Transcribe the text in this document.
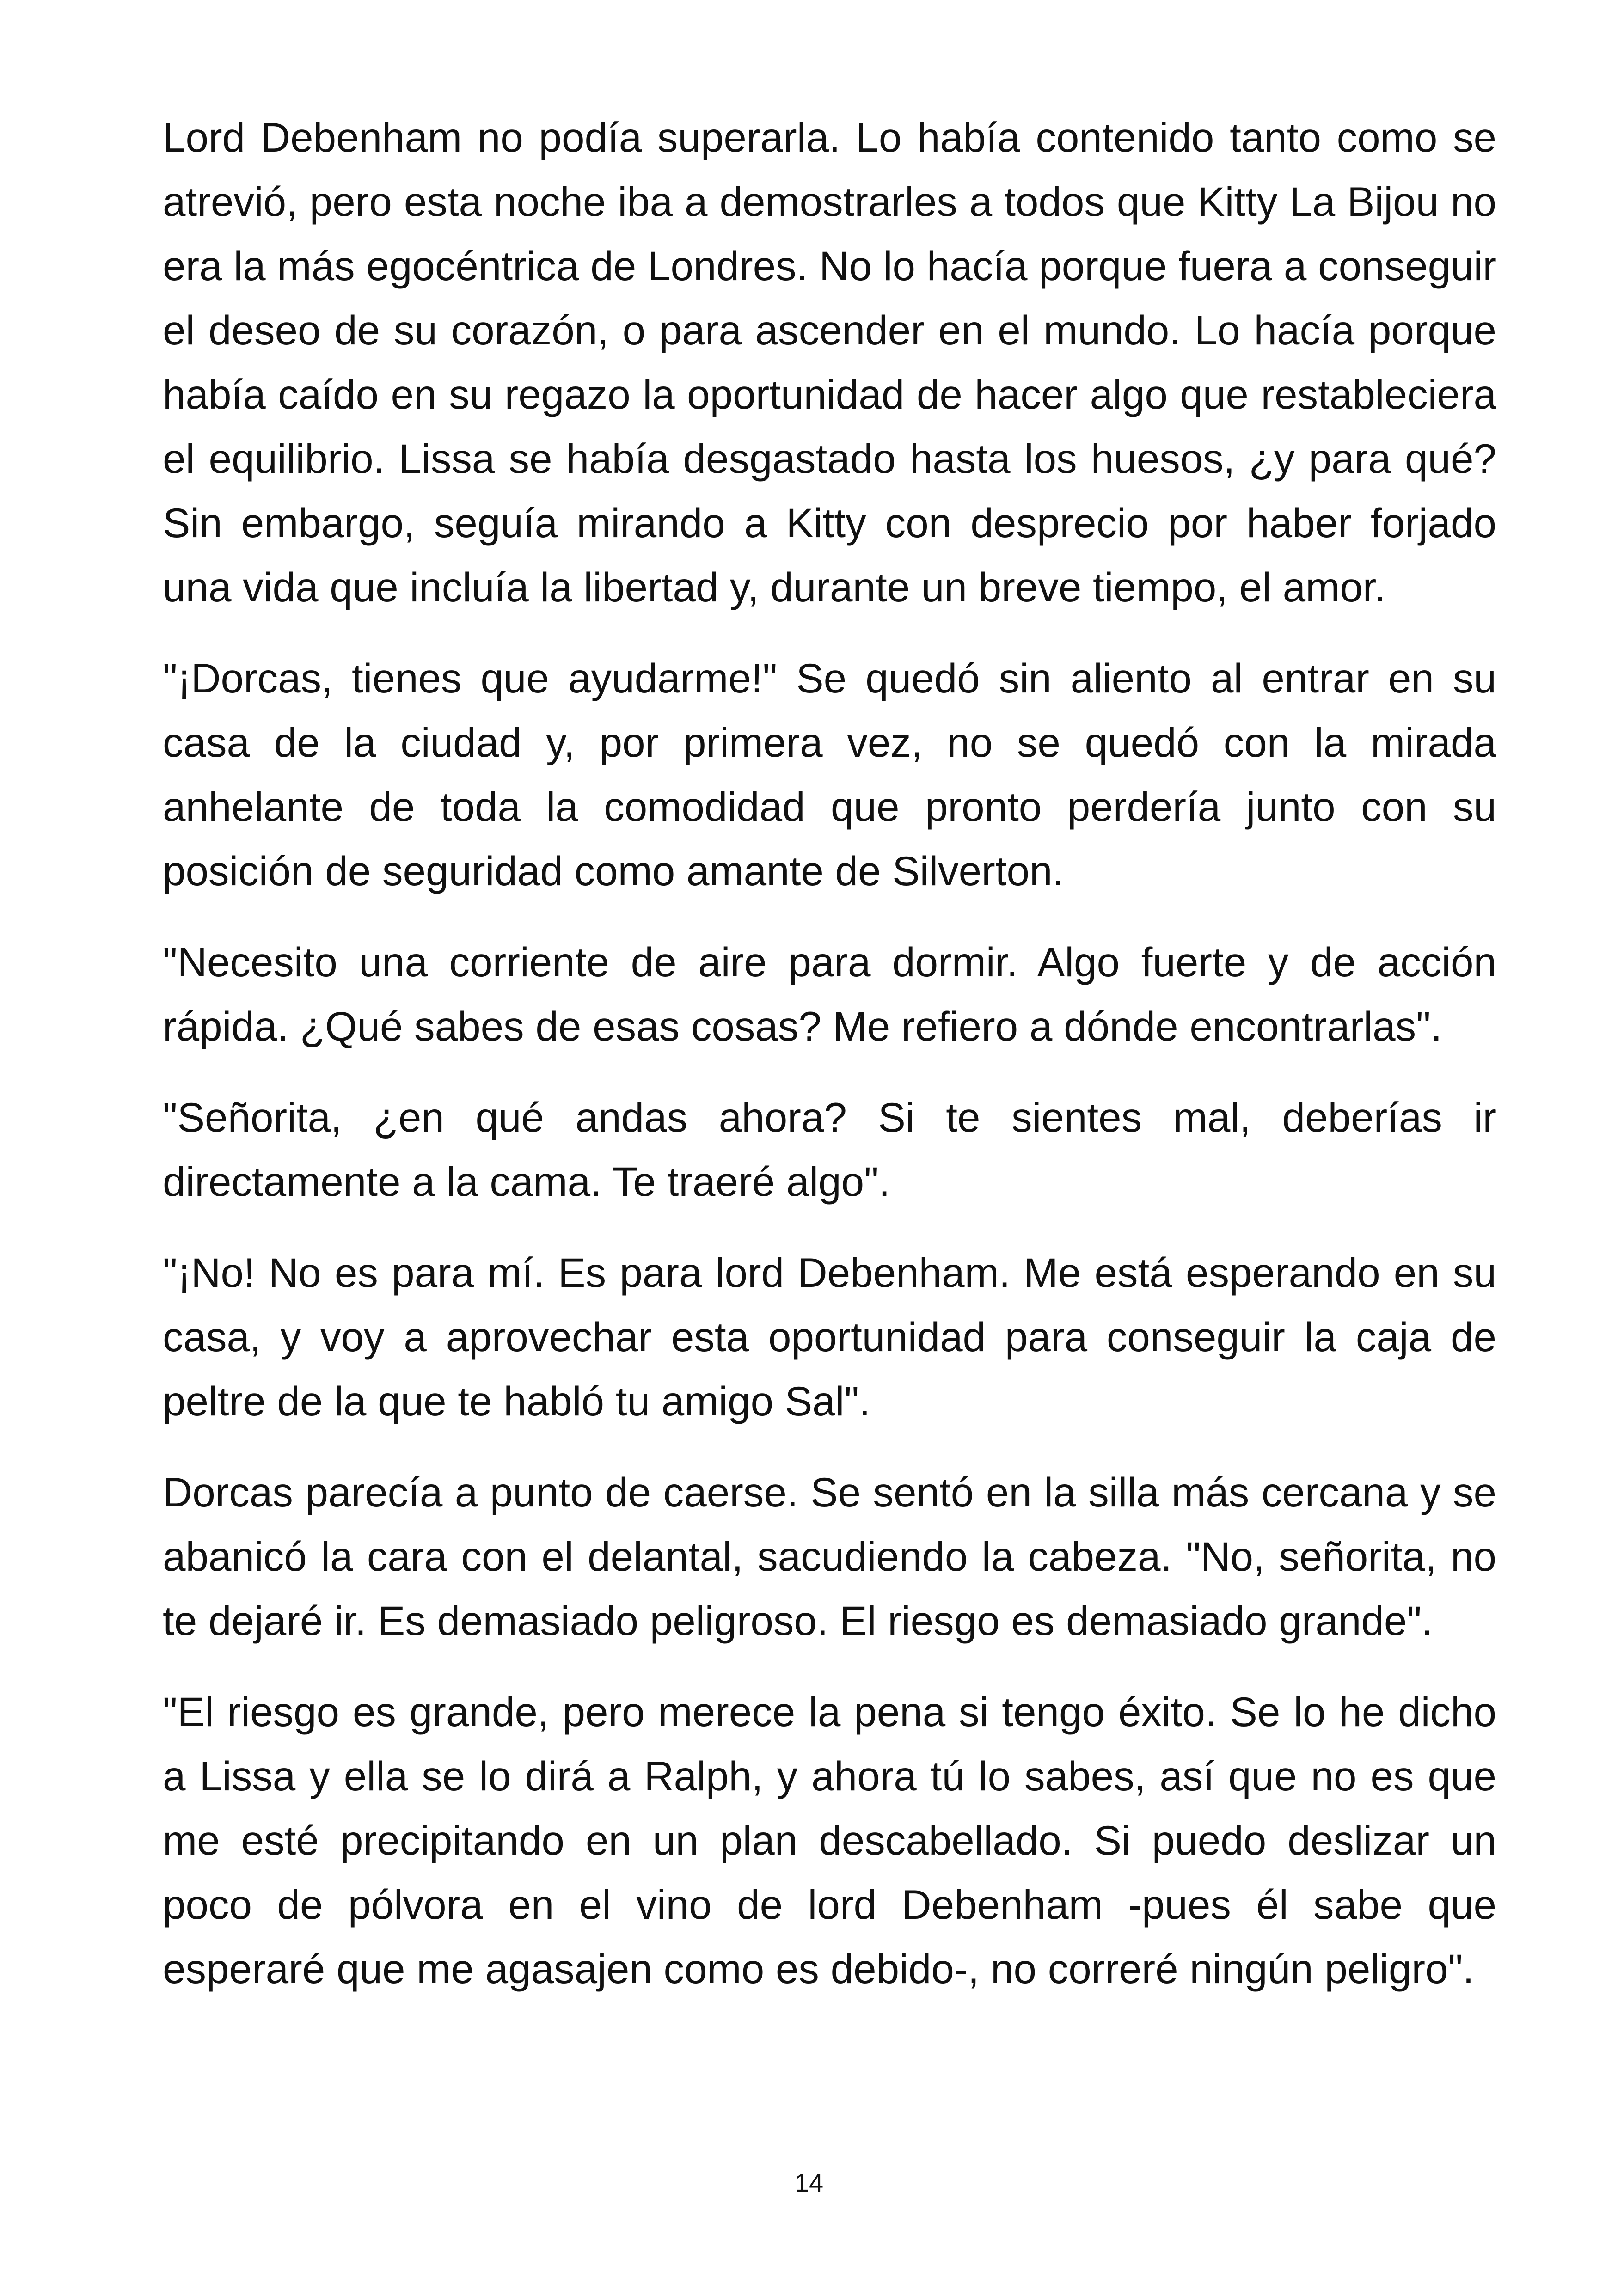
Lord Debenham no podía superarla. Lo había contenido tanto como se atrevió, pero esta noche iba a demostrarles a todos que Kitty La Bijou no era la más egocéntrica de Londres. No lo hacía porque fuera a conseguir el deseo de su corazón, o para ascender en el mundo. Lo hacía porque había caído en su regazo la oportunidad de hacer algo que restableciera el equilibrio. Lissa se había desgastado hasta los huesos, ¿y para qué? Sin embargo, seguía mirando a Kitty con desprecio por haber forjado una vida que incluía la libertad y, durante un breve tiempo, el amor.

"¡Dorcas, tienes que ayudarme!" Se quedó sin aliento al entrar en su casa de la ciudad y, por primera vez, no se quedó con la mirada anhelante de toda la comodidad que pronto perdería junto con su posición de seguridad como amante de Silverton.

"Necesito una corriente de aire para dormir. Algo fuerte y de acción rápida. ¿Qué sabes de esas cosas? Me refiero a dónde encontrarlas".

"Señorita, ¿en qué andas ahora? Si te sientes mal, deberías ir directamente a la cama. Te traeré algo".

"¡No! No es para mí. Es para lord Debenham. Me está esperando en su casa, y voy a aprovechar esta oportunidad para conseguir la caja de peltre de la que te habló tu amigo Sal".

Dorcas parecía a punto de caerse. Se sentó en la silla más cercana y se abanicó la cara con el delantal, sacudiendo la cabeza. "No, señorita, no te dejaré ir. Es demasiado peligroso. El riesgo es demasiado grande".

"El riesgo es grande, pero merece la pena si tengo éxito. Se lo he dicho a Lissa y ella se lo dirá a Ralph, y ahora tú lo sabes, así que no es que me esté precipitando en un plan descabellado. Si puedo deslizar un poco de pólvora en el vino de lord Debenham -pues él sabe que esperaré que me agasajen como es debido-, no correré ningún peligro".

14
